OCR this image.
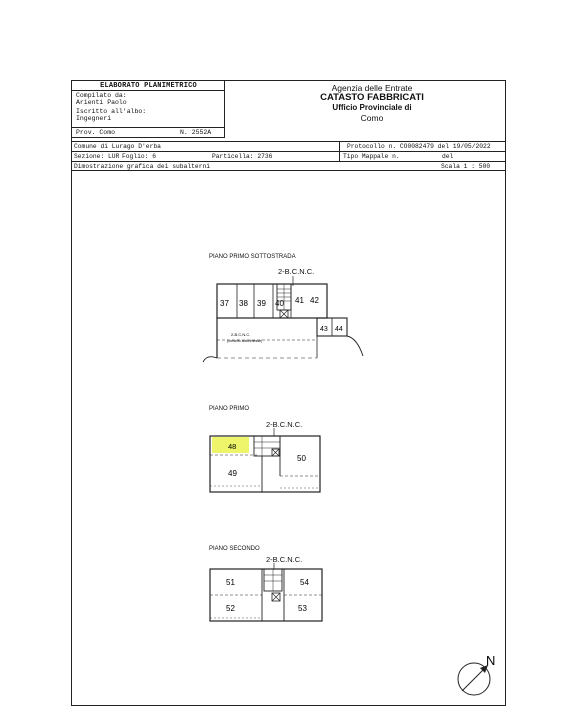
ELABORATO PLANIMETRICO
Compilato da:
Arienti Paolo
Iscritto all'albo:
Ingegneri
Prov. Como	N. 2552A
Agenzia delle Entrate
CATASTO FABBRICATI
Ufficio Provinciale di
Como
Comune di Lurago D'erba	Protocollo n. CO0082479 del 19/05/2022
Sezione: LUR Foglio: 6	Particella: 2736	Tipo Mappale n.	del
Dimostrazione grafica dei subalterni	Scala 1 : 500
PIANO PRIMO SOTTOSTRADA
2-B.C.N.C.
37 38 39	41 42
43 44
2-B.C.N.C.
(corsello autorimesse)
40
PIANO PRIMO
2-B.C.N.C.
48
49
50
PIANO SECONDO
2-B.C.N.C.
51
52	53
54
N
